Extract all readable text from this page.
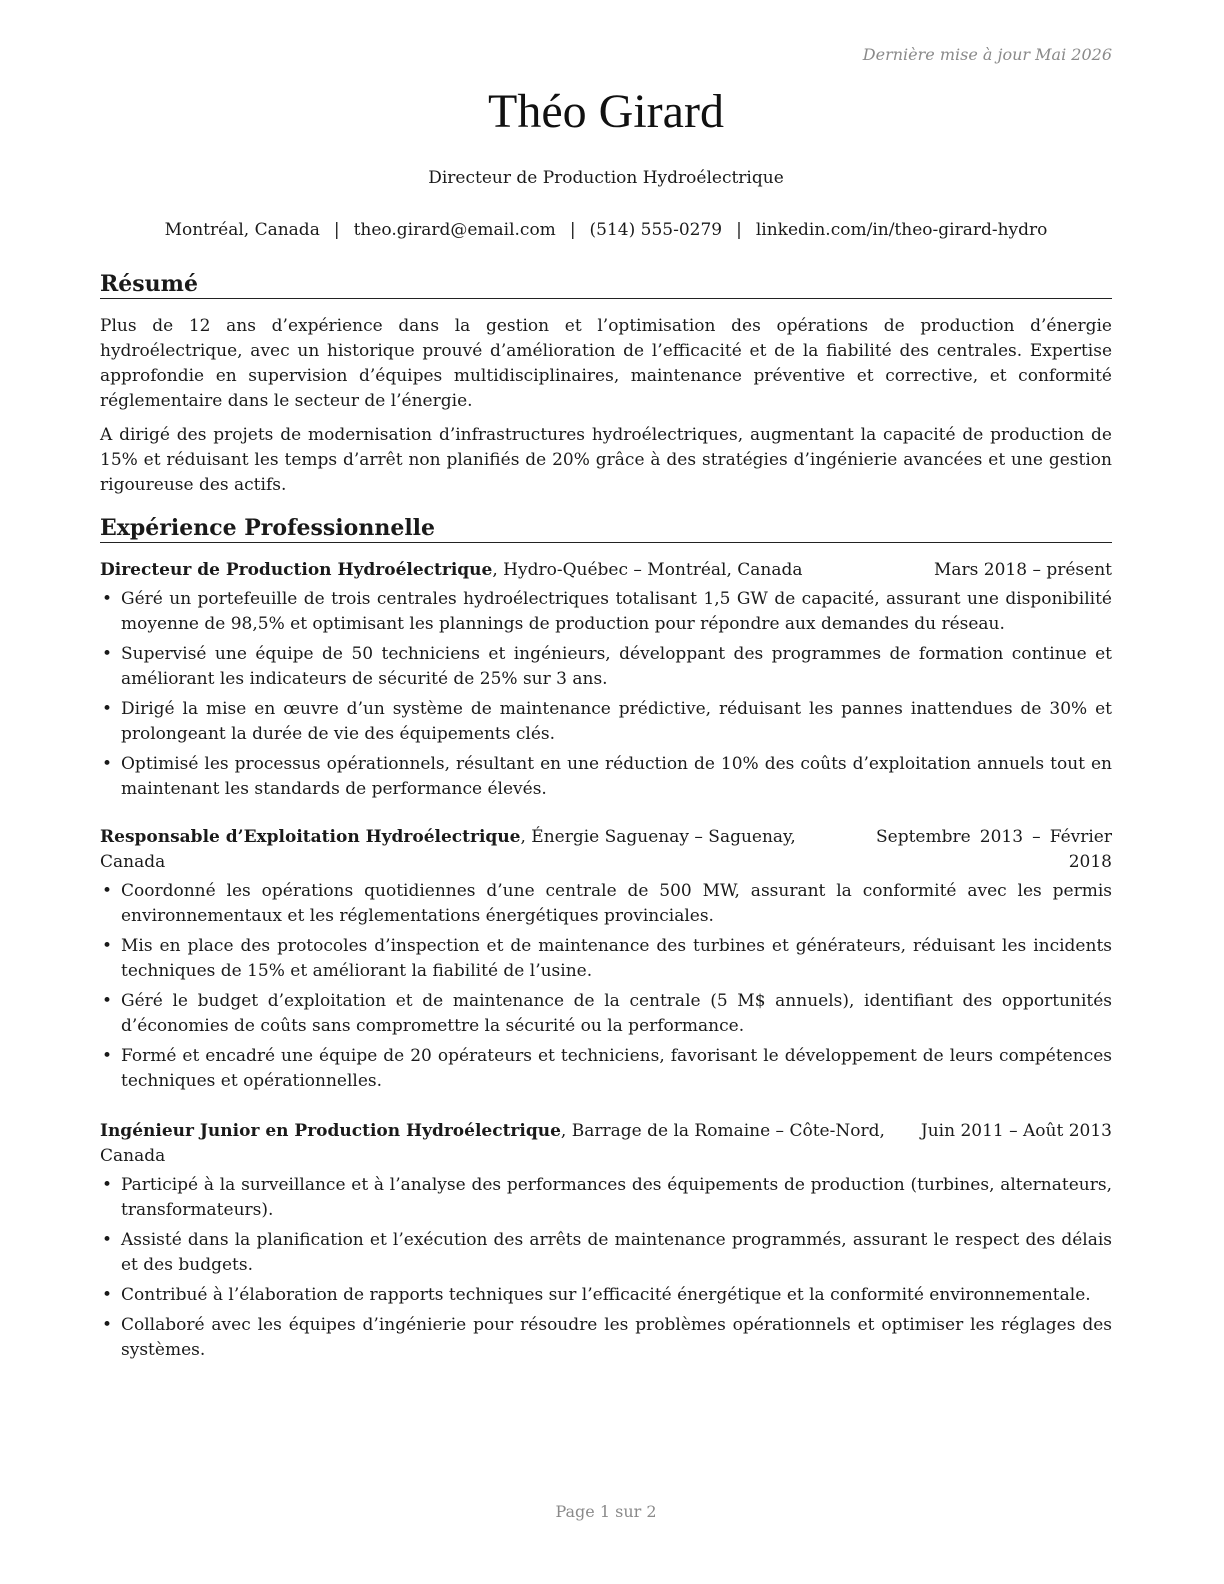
Dernière mise à jour Mai 2026
Théo Girard
Directeur de Production Hydroélectrique
Montréal, Canada | theo.girard@email.com | (514) 555-0279 | linkedin.com/in/theo-girard-hydro
Résumé

Plus de 12 ans d’expérience dans la gestion et l’optimisation des opérations de production d’énergie hydroélectrique, avec un historique prouvé d’amélioration de l’efficacité et de la fiabilité des centrales. Expertise approfondie en supervision d’équipes multidisciplinaires, maintenance préventive et corrective, et conformité réglementaire dans le secteur de l’énergie.

A dirigé des projets de modernisation d’infrastructures hydroélectriques, augmentant la capacité de production de 15% et réduisant les temps d’arrêt non planifiés de 20% grâce à des stratégies d’ingénierie avancées et une gestion rigoureuse des actifs.

Expérience Professionnelle
Directeur de Production Hydroélectrique, Hydro-Québec – Montréal, Canada	Mars 2018 – présent
• Géré un portefeuille de trois centrales hydroélectriques totalisant 1,5 GW de capacité, assurant une disponibilité moyenne de 98,5% et optimisant les plannings de production pour répondre aux demandes du réseau.
• Supervisé une équipe de 50 techniciens et ingénieurs, développant des programmes de formation continue et améliorant les indicateurs de sécurité de 25% sur 3 ans.
• Dirigé la mise en œuvre d’un système de maintenance prédictive, réduisant les pannes inattendues de 30% et prolongeant la durée de vie des équipements clés.
• Optimisé les processus opérationnels, résultant en une réduction de 10% des coûts d’exploitation annuels tout en maintenant les standards de performance élevés.
Responsable d’Exploitation Hydroélectrique, Énergie Saguenay – Saguenay, Canada
Septembre 2013 – Février 2018
• Coordonné les opérations quotidiennes d’une centrale de 500 MW, assurant la conformité avec les permis environnementaux et les réglementations énergétiques provinciales.
• Mis en place des protocoles d’inspection et de maintenance des turbines et générateurs, réduisant les incidents techniques de 15% et améliorant la fiabilité de l’usine.
• Géré le budget d’exploitation et de maintenance de la centrale (5 M$ annuels), identifiant des opportunités d’économies de coûts sans compromettre la sécurité ou la performance.
• Formé et encadré une équipe de 20 opérateurs et techniciens, favorisant le développement de leurs compétences techniques et opérationnelles.
Ingénieur Junior en Production Hydroélectrique, Barrage de la Romaine – Côte-Nord, Canada
Juin 2011 – Août 2013
• Participé à la surveillance et à l’analyse des performances des équipements de production (turbines, alternateurs, transformateurs).
• Assisté dans la planification et l’exécution des arrêts de maintenance programmés, assurant le respect des délais et des budgets.
• Contribué à l’élaboration de rapports techniques sur l’efficacité énergétique et la conformité environnementale.
• Collaboré avec les équipes d’ingénierie pour résoudre les problèmes opérationnels et optimiser les réglages des systèmes.
Page 1 sur 2
